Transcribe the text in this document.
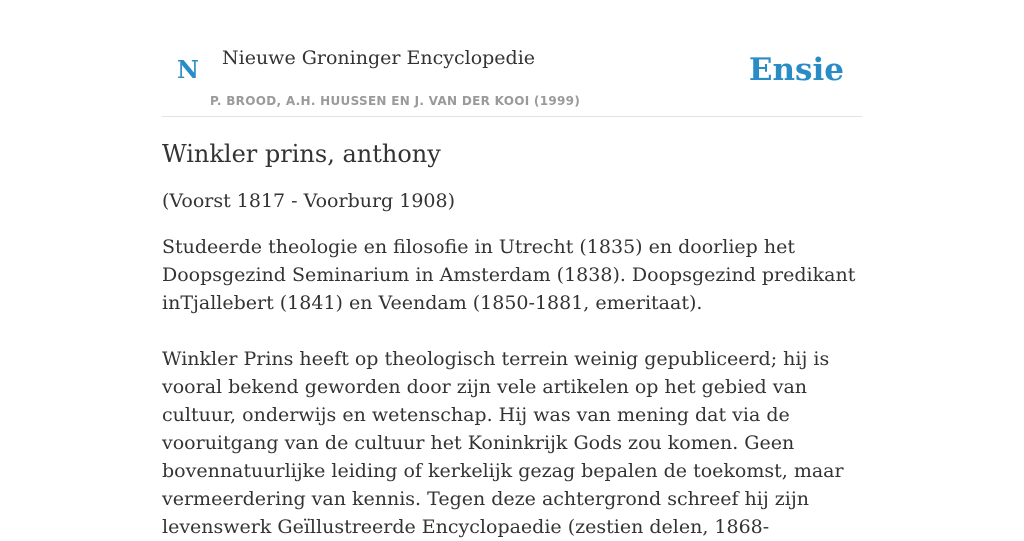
N Nieuwe Groninger Encyclopedie
P. BROOD, A.H. HUUSSEN EN J. VAN DER KOOI (1999)
Ensie
Winkler prins, anthony

(Voorst 1817 - Voorburg 1908)

Studeerde theologie en filosofie in Utrecht (1835) en doorliep het Doopsgezind Seminarium in Amsterdam (1838). Doopsgezind predikant inTjallebert (1841) en Veendam (1850-1881, emeritaat).

Winkler Prins heeft op theologisch terrein weinig gepubliceerd; hij is vooral bekend geworden door zijn vele artikelen op het gebied van cultuur, onderwijs en wetenschap. Hij was van mening dat via de vooruitgang van de cultuur het Koninkrijk Gods zou komen. Geen bovennatuurlijke leiding of kerkelijk gezag bepalen de toekomst, maar vermeerdering van kennis. Tegen deze achtergrond schreef hij zijn levenswerk Geïllustreerde Encyclopaedie (zestien delen, 1868-
